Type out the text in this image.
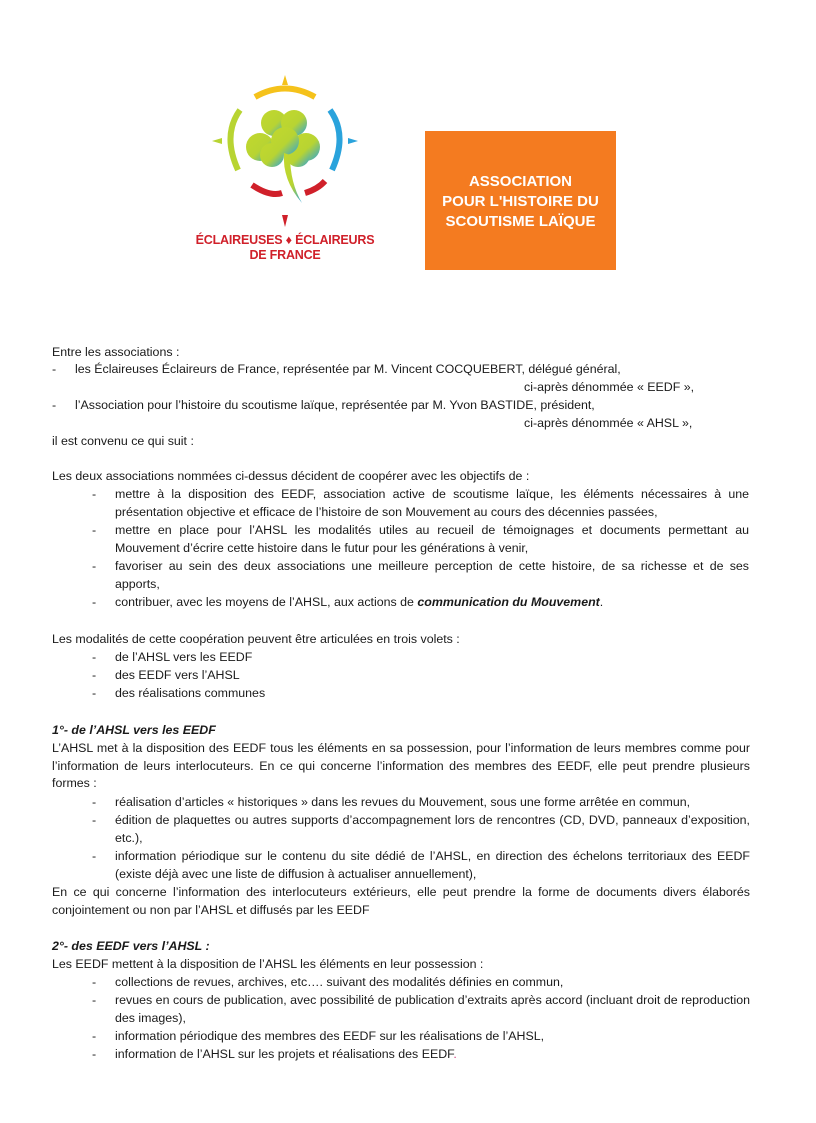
ÉCLAIREUSES ♦ ÉCLAIREURS
DE FRANCE
ASSOCIATION
POUR L'HISTOIRE DU
SCOUTISME LAÏQUE
Entre les associations :
- les Éclaireuses Éclaireurs de France, représentée par M. Vincent COCQUEBERT, délégué général,
ci-après dénommée « EEDF »,
- l’Association pour l’histoire du scoutisme laïque, représentée par M. Yvon BASTIDE, président,
ci-après dénommée « AHSL »,
il est convenu ce qui suit :
Les deux associations nommées ci-dessus décident de coopérer avec les objectifs de :
- mettre à la disposition des EEDF, association active de scoutisme laïque, les éléments nécessaires à une présentation objective et efficace de l’histoire de son Mouvement au cours des décennies passées,
- mettre en place pour l’AHSL les modalités utiles au recueil de témoignages et documents permettant au Mouvement d’écrire cette histoire dans le futur pour les générations à venir,
- favoriser au sein des deux associations une meilleure perception de cette histoire, de sa richesse et de ses apports,
- contribuer, avec les moyens de l’AHSL, aux actions de communication du Mouvement.
Les modalités de cette coopération peuvent être articulées en trois volets :
- de l’AHSL vers les EEDF
- des EEDF vers l’AHSL
- des réalisations communes
1°- de l’AHSL vers les EEDF
L’AHSL met à la disposition des EEDF tous les éléments en sa possession, pour l’information de leurs membres comme pour l’information de leurs interlocuteurs. En ce qui concerne l’information des membres des EEDF, elle peut prendre plusieurs formes :
- réalisation d’articles « historiques » dans les revues du Mouvement, sous une forme arrêtée en commun,
- édition de plaquettes ou autres supports d’accompagnement lors de rencontres (CD, DVD, panneaux d’exposition, etc.),
- information périodique sur le contenu du site dédié de l’AHSL, en direction des échelons territoriaux des EEDF (existe déjà avec une liste de diffusion à actualiser annuellement),
En ce qui concerne l’information des interlocuteurs extérieurs, elle peut prendre la forme de documents divers élaborés conjointement ou non par l’AHSL et diffusés par les EEDF
2°- des EEDF vers l’AHSL :
Les EEDF mettent à la disposition de l’AHSL les éléments en leur possession :
- collections de revues, archives, etc…. suivant des modalités définies en commun,
- revues en cours de publication, avec possibilité de publication d’extraits après accord (incluant droit de reproduction des images),
- information périodique des membres des EEDF sur les réalisations de l’AHSL,
- information de l’AHSL sur les projets et réalisations des EEDF.
